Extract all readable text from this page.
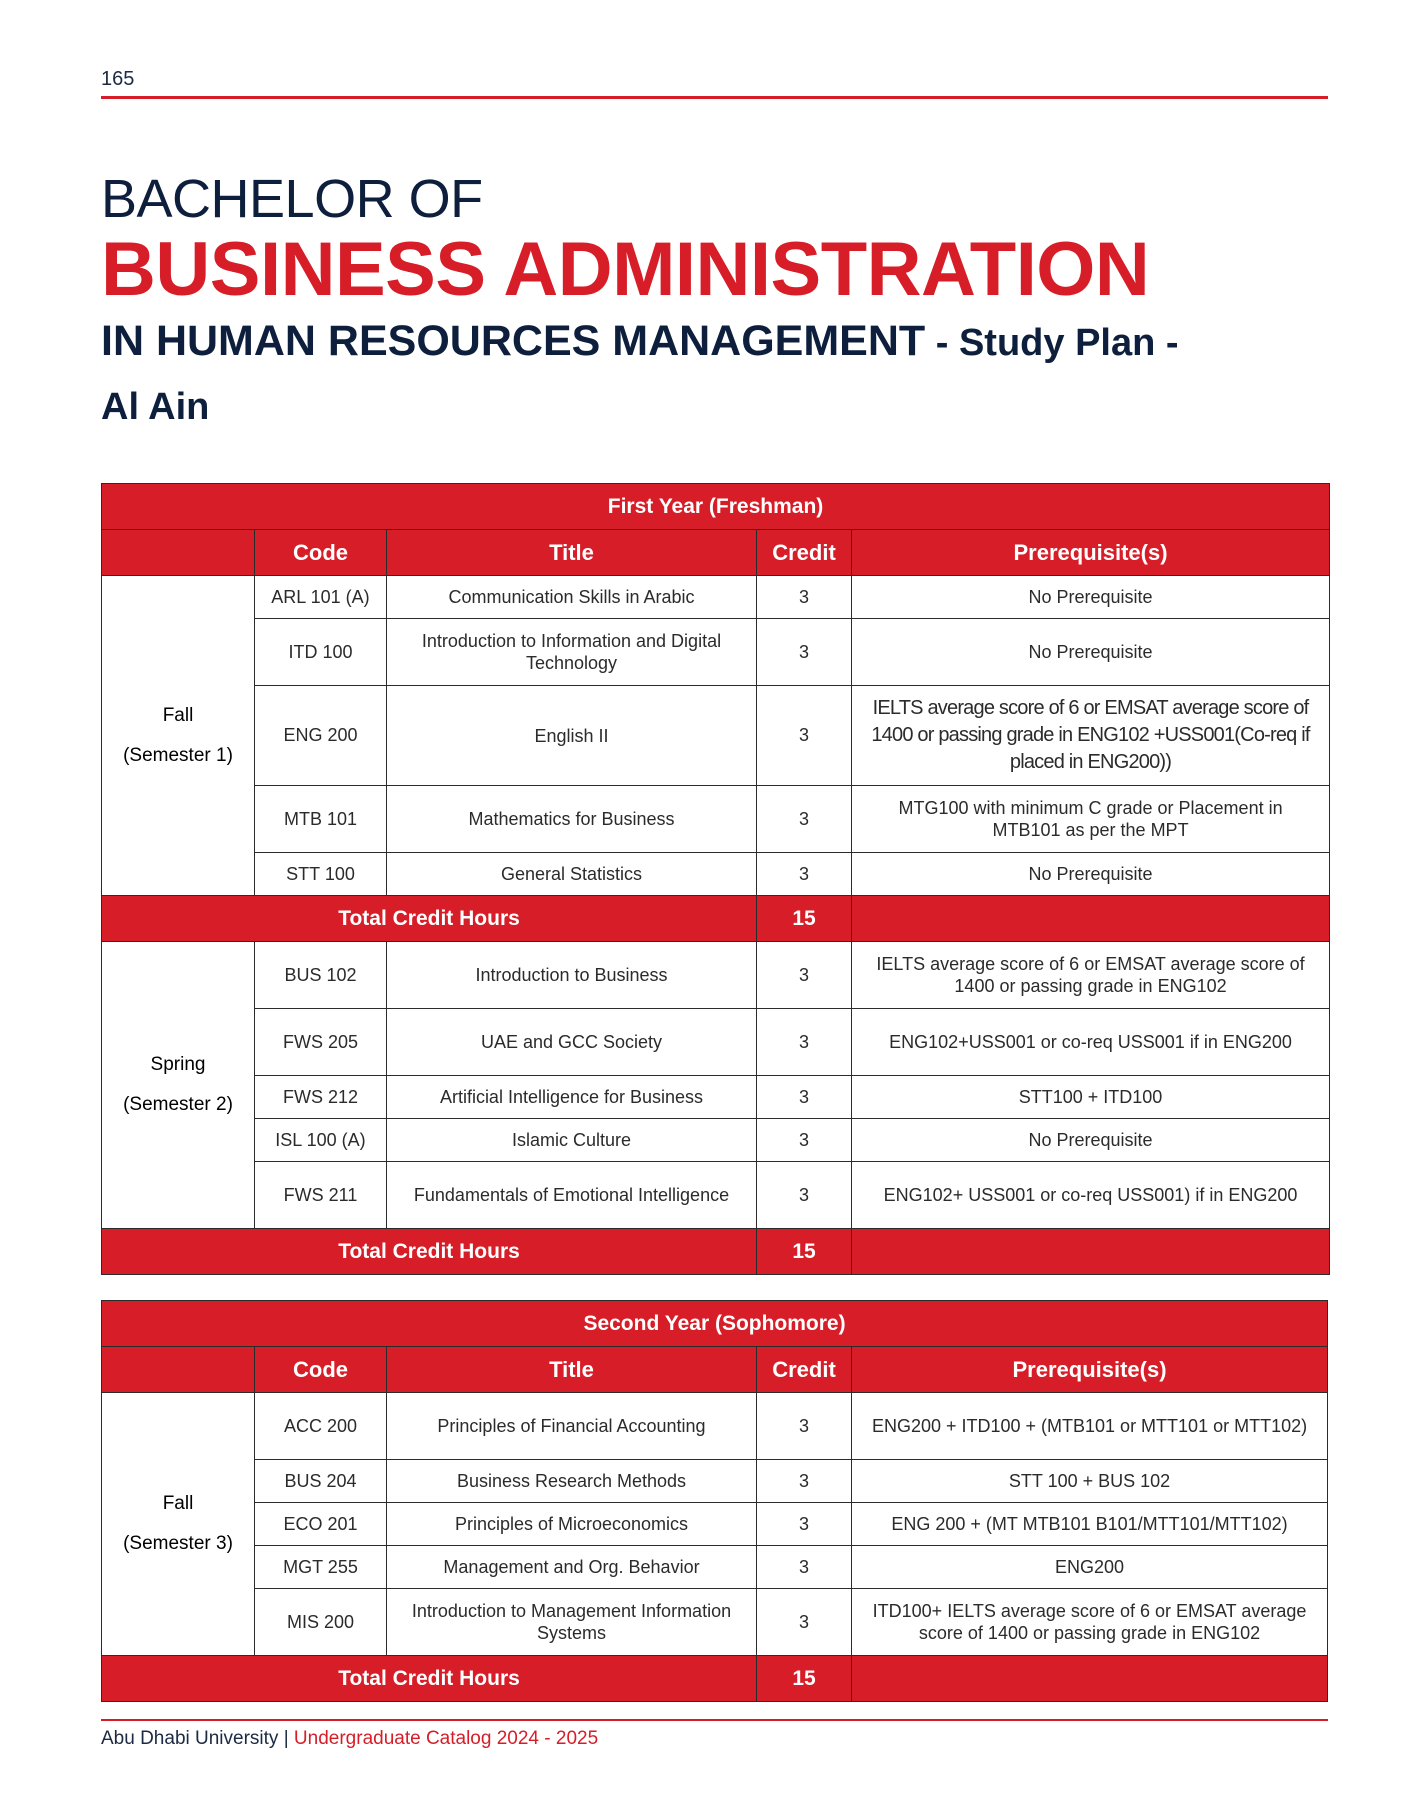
165
BACHELOR OF
BUSINESS ADMINISTRATION
IN HUMAN RESOURCES MANAGEMENT - Study Plan -
Al Ain
First Year (Freshman)				
	Code	Title	Credit	Prerequisite(s)

Fall
(Semester 1)	ARL 101 (A)	Communication Skills in Arabic	3	No Prerequisite
	ITD 100	Introduction to Information and Digital Technology	3	No Prerequisite
	ENG 200	English II	3	IELTS average score of 6 or EMSAT average score of 1400 or passing grade in ENG102 +USS001(Co-req if placed in ENG200))
	MTB 101	Mathematics for Business	3	MTG100 with minimum C grade or Placement in MTB101 as per the MPT
	STT 100	General Statistics	3	No Prerequisite
Total Credit Hours			15	

Spring
(Semester 2)	BUS 102	Introduction to Business	3	IELTS average score of 6 or EMSAT average score of 1400 or passing grade in ENG102
	FWS 205	UAE and GCC Society	3	ENG102+USS001 or co-req USS001 if in ENG200
	FWS 212	Artificial Intelligence for Business	3	STT100 + ITD100
	ISL 100 (A)	Islamic Culture	3	No Prerequisite
	FWS 211	Fundamentals of Emotional Intelligence	3	ENG102+ USS001 or co-req USS001) if in ENG200
Total Credit Hours			15	
Second Year (Sophomore)				
	Code	Title	Credit	Prerequisite(s)

Fall
(Semester 3)	ACC 200	Principles of Financial Accounting	3	ENG200 + ITD100 + (MTB101 or MTT101 or MTT102)
	BUS 204	Business Research Methods	3	STT 100 + BUS 102
	ECO 201	Principles of Microeconomics	3	ENG 200 + (MT MTB101 B101/MTT101/MTT102)
	MGT 255	Management and Org. Behavior	3	ENG200
	MIS 200	Introduction to Management Information Systems	3	ITD100+ IELTS average score of 6 or EMSAT average score of 1400 or passing grade in ENG102
Total Credit Hours			15	
Abu Dhabi University | Undergraduate Catalog 2024 - 2025
